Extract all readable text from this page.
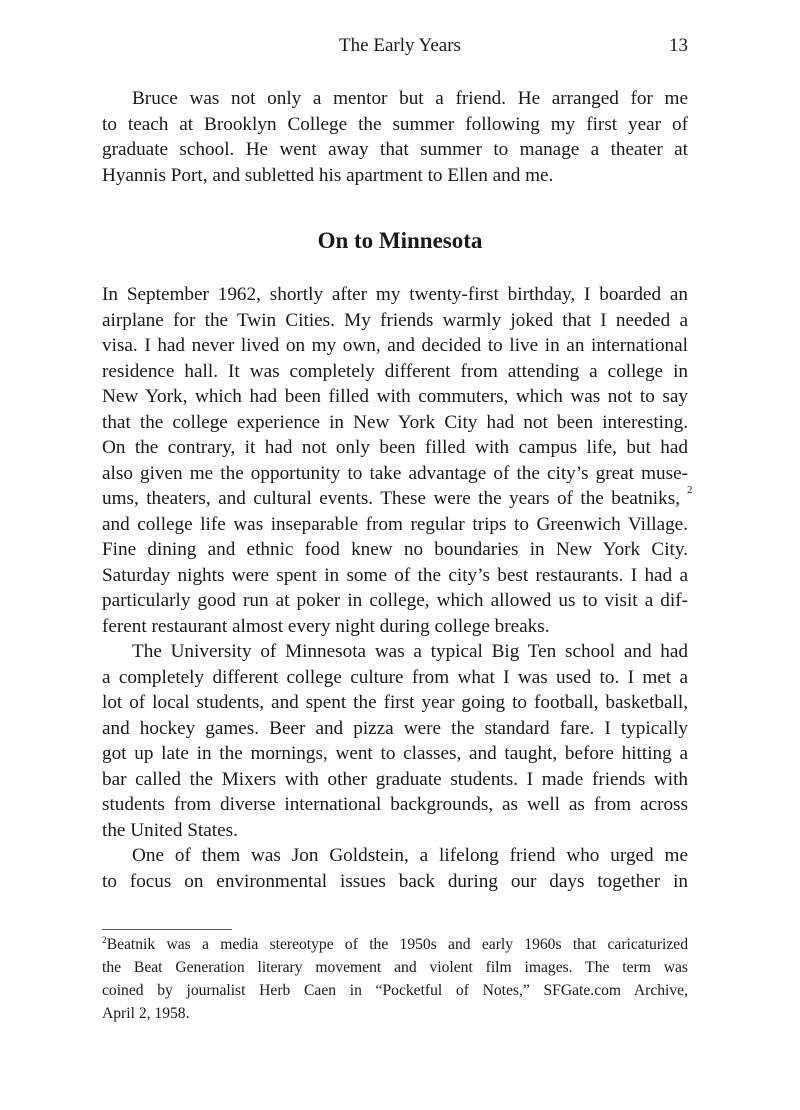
The Early Years	13
Bruce was not only a mentor but a friend. He arranged for me
to teach at Brooklyn College the summer following my first year of
graduate school. He went away that summer to manage a theater at
Hyannis Port, and subletted his apartment to Ellen and me.
On to Minnesota
In September 1962, shortly after my twenty-first birthday, I boarded an
airplane for the Twin Cities. My friends warmly joked that I needed a
visa. I had never lived on my own, and decided to live in an international
residence hall. It was completely different from attending a college in
New York, which had been filled with commuters, which was not to say
that the college experience in New York City had not been interesting.
On the contrary, it had not only been filled with campus life, but had
also given me the opportunity to take advantage of the city’s great muse-
ums, theaters, and cultural events. These were the years of the beatniks,
and college life was inseparable from regular trips to Greenwich Village.
Fine dining and ethnic food knew no boundaries in New York City.
Saturday nights were spent in some of the city’s best restaurants. I had a
particularly good run at poker in college, which allowed us to visit a dif-
ferent restaurant almost every night during college breaks.
2
The University of Minnesota was a typical Big Ten school and had
a completely different college culture from what I was used to. I met a
lot of local students, and spent the first year going to football, basketball,
and hockey games. Beer and pizza were the standard fare. I typically
got up late in the mornings, went to classes, and taught, before hitting a
bar called the Mixers with other graduate students. I made friends with
students from diverse international backgrounds, as well as from across
the United States.
One of them was Jon Goldstein, a lifelong friend who urged me
to focus on environmental issues back during our days together in
$^2$Beatnik was a media stereotype of the 1950s and early 1960s that caricaturized
the Beat Generation literary movement and violent film images. The term was
coined by journalist Herb Caen in “Pocketful of Notes,” SFGate.com Archive,
April 2, 1958.
